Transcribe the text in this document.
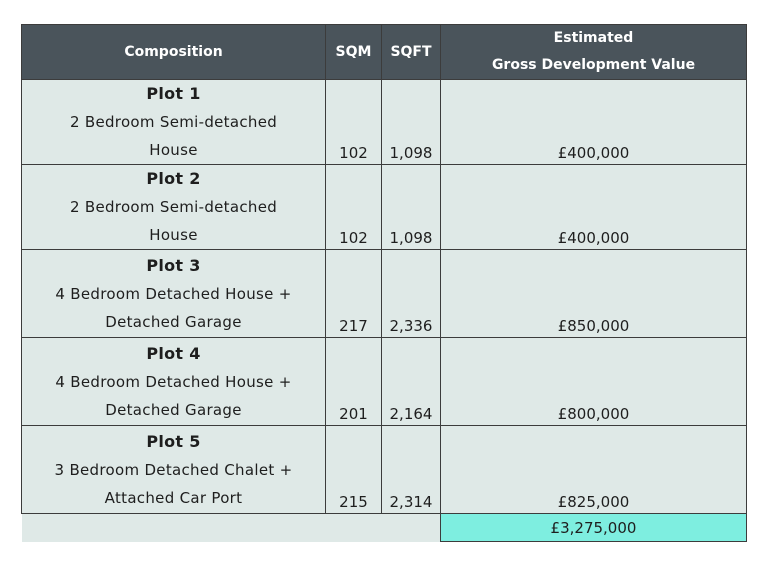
Composition	SQM	SQFT	Estimated
Gross Development Value

Plot 1
2 Bedroom Semi-detached
House	102	1,098	£400,000

Plot 2
2 Bedroom Semi-detached
House	102	1,098	£400,000

Plot 3
4 Bedroom Detached House +
Detached Garage	217	2,336	£850,000

Plot 4
4 Bedroom Detached House +
Detached Garage	201	2,164	£800,000

Plot 5
3 Bedroom Detached Chalet +
Attached Car Port	215	2,314	£825,000
			£3,275,000
